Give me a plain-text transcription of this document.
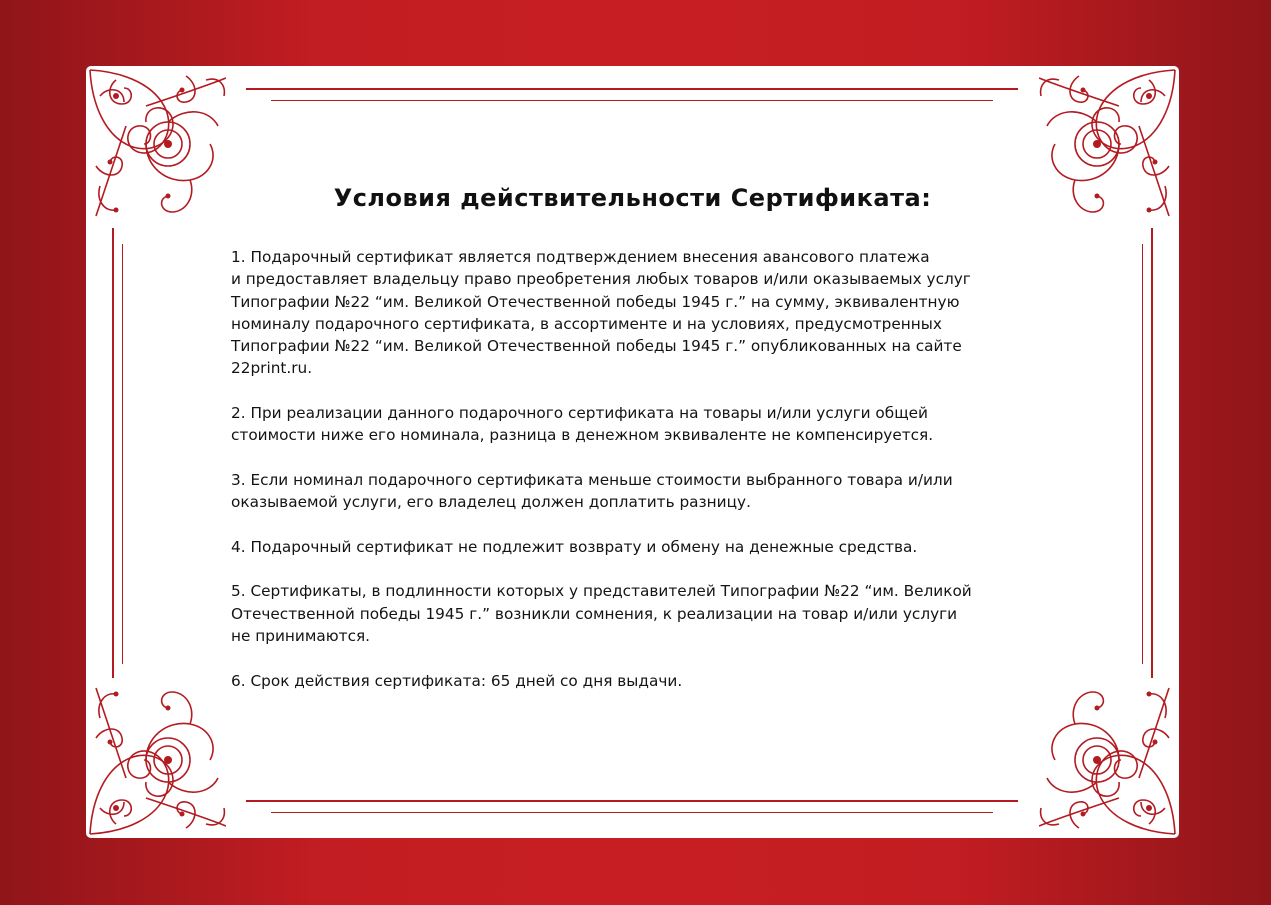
Условия действительности Сертификата:

1. Подарочный сертификат является подтверждением внесения авансового платежа
и предоставляет владельцу право преобретения любых товаров и/или оказываемых услуг
Типографии №22 “им. Великой Отечественной победы 1945 г.” на сумму, эквивалентную
номиналу подарочного сертификата, в ассортименте и на условиях, предусмотренных
Типографии №22 “им. Великой Отечественной победы 1945 г.” опубликованных на сайте
22print.ru.

2. При реализации данного подарочного сертификата на товары и/или услуги общей
стоимости ниже его номинала, разница в денежном эквиваленте не компенсируется.

3. Если номинал подарочного сертификата меньше стоимости выбранного товара и/или
оказываемой услуги, его владелец должен доплатить разницу.

4. Подарочный сертификат не подлежит возврату и обмену на денежные средства.

5. Сертификаты, в подлинности которых у представителей Типографии №22 “им. Великой
Отечественной победы 1945 г.” возникли сомнения, к реализации на товар и/или услуги
не принимаются.

6. Срок действия сертификата: 65 дней со дня выдачи.
